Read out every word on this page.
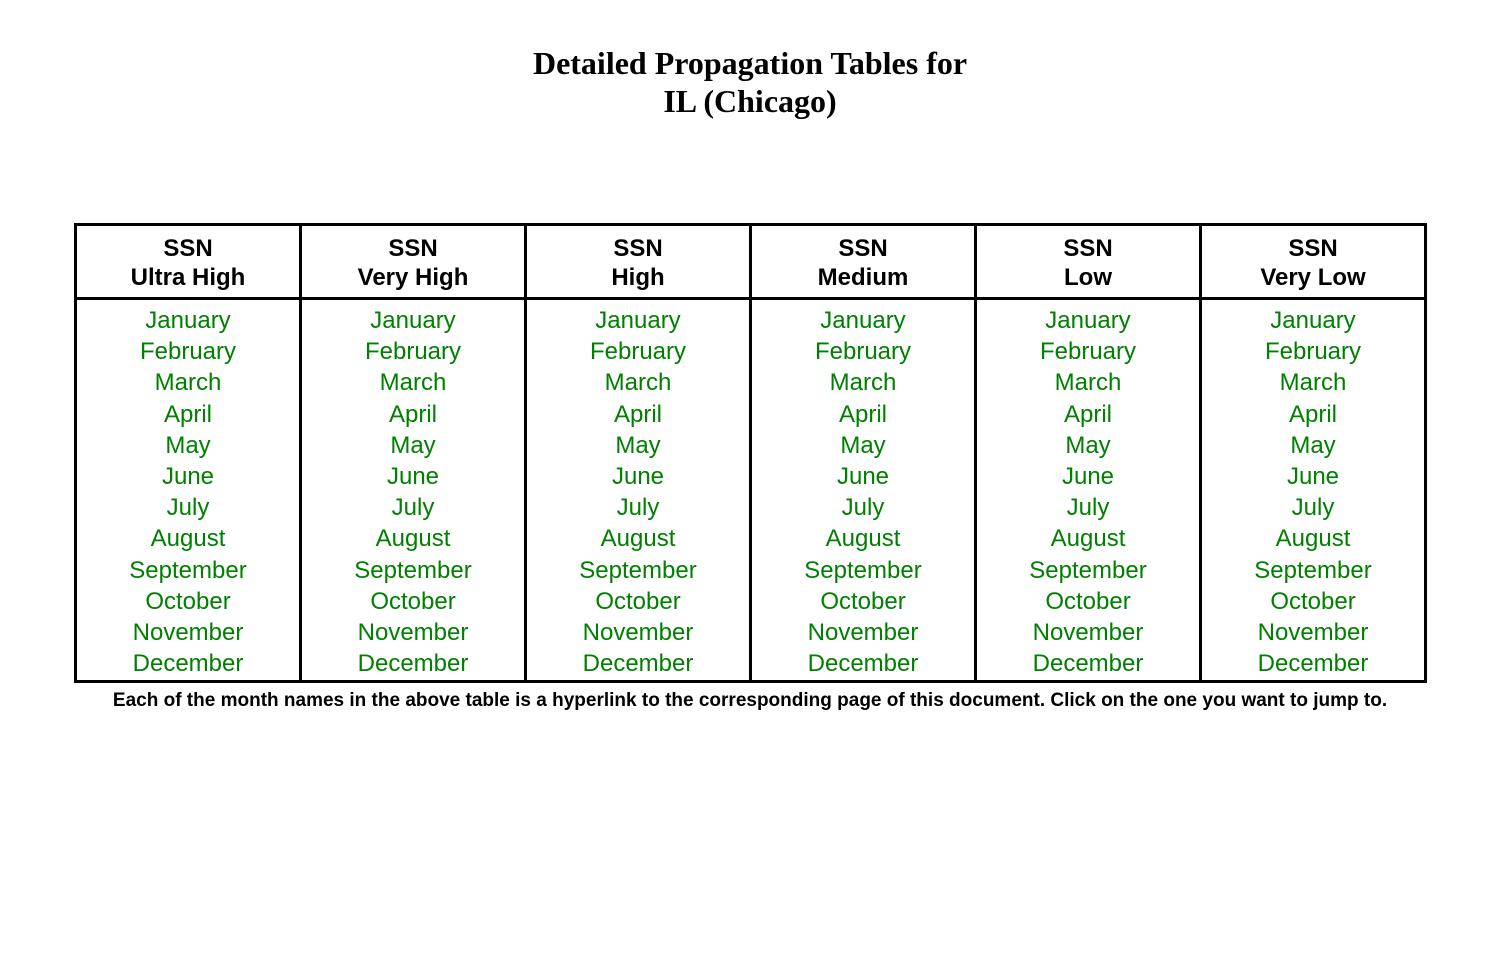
Detailed Propagation Tables for
IL (Chicago)
SSN
Ultra High
January
February
March
April
May
June
July
August
September
October
November
December
SSN
Very High
January
February
March
April
May
June
July
August
September
October
November
December
SSN
High
January
February
March
April
May
June
July
August
September
October
November
December
SSN
Medium
January
February
March
April
May
June
July
August
September
October
November
December
SSN
Low
January
February
March
April
May
June
July
August
September
October
November
December
SSN
Very Low
January
February
March
April
May
June
July
August
September
October
November
December
Each of the month names in the above table is a hyperlink to the corresponding page of this document. Click on the one you want to jump to.
